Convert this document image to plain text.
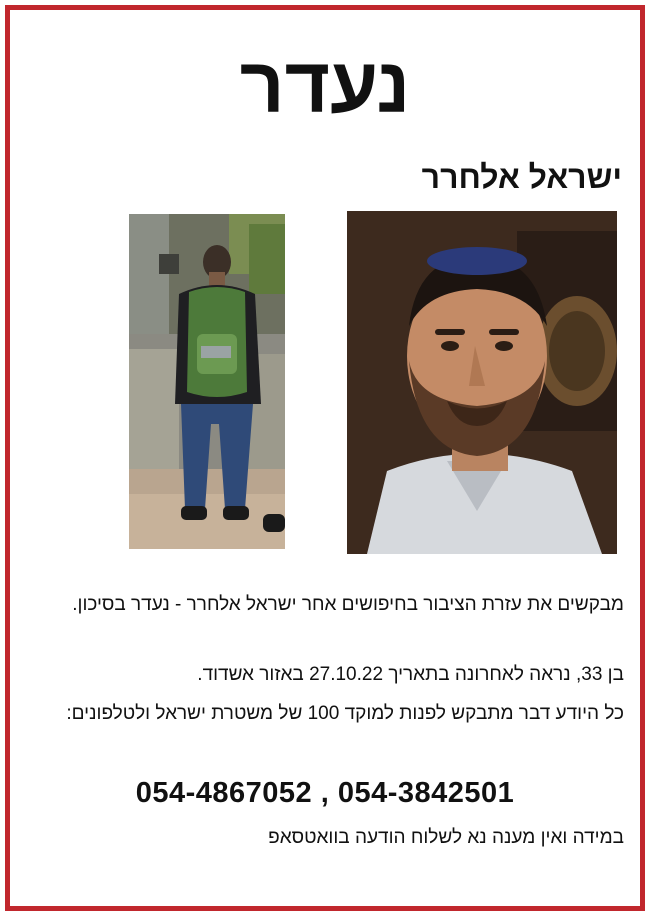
נעדר
ישראל אלחרר
מבקשים את עזרת הציבור בחיפושים אחר ישראל אלחרר - נעדר בסיכון.
בן 33, נראה לאחרונה בתאריך 27.10.22 באזור אשדוד.
כל היודע דבר מתבקש לפנות למוקד 100 של משטרת ישראל ולטלפונים:
054-4867052 , 054-3842501
במידה ואין מענה נא לשלוח הודעה בוואטסאפ
